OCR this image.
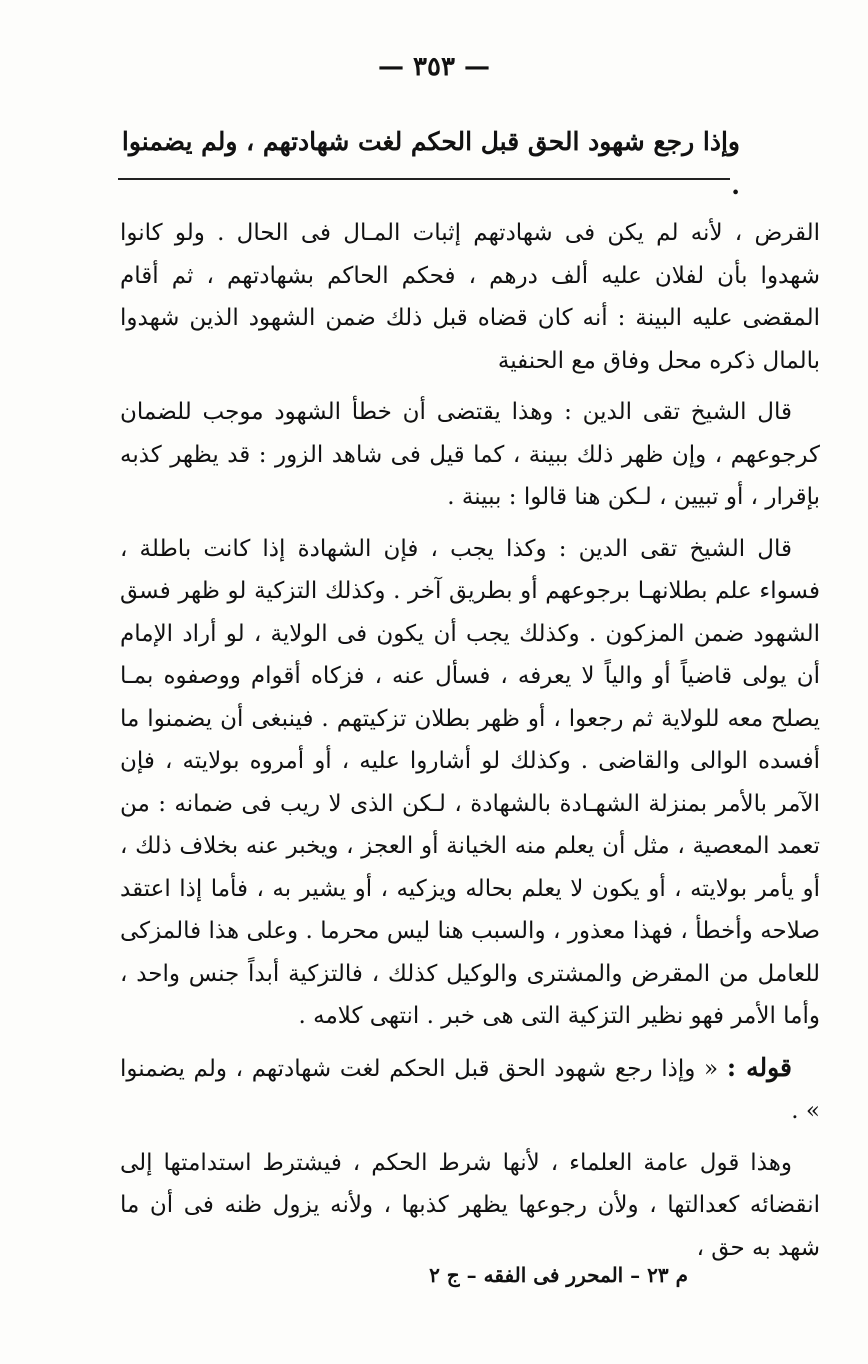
— ٣٥٣ —
وإذا رجع شهود الحق قبل الحكم لغت شهادتهم ، ولم يضمنوا .

القرض ، لأنه لم يكن فى شهادتهم إثبات المـال فى الحال . ولو كانوا شهدوا بأن لفلان عليه ألف درهم ، فحكم الحاكم بشهادتهم ، ثم أقام المقضى عليه البينة : أنه كان قضاه قبل ذلك ضمن الشهود الذين شهدوا بالمال ذكره محل وفاق مع الحنفية

قال الشيخ تقى الدين : وهذا يقتضى أن خطأ الشهود موجب للضمان كرجوعهم ، وإن ظهر ذلك ببينة ، كما قيل فى شاهد الزور : قد يظهر كذبه بإقرار ، أو تبيين ، لـكن هنا قالوا : ببينة .

قال الشيخ تقى الدين : وكذا يجب ، فإن الشهادة إذا كانت باطلة ، فسواء علم بطلانهـا برجوعهم أو بطريق آخر . وكذلك التزكية لو ظهر فسق الشهود ضمن المزكون . وكذلك يجب أن يكون فى الولاية ، لو أراد الإمام أن يولى قاضياً أو والياً لا يعرفه ، فسأل عنه ، فزكاه أقوام ووصفوه بمـا يصلح معه للولاية ثم رجعوا ، أو ظهر بطلان تزكيتهم . فينبغى أن يضمنوا ما أفسده الوالى والقاضى . وكذلك لو أشاروا عليه ، أو أمروه بولايته ، فإن الآمر بالأمر بمنزلة الشهـادة بالشهادة ، لـكن الذى لا ريب فى ضمانه : من تعمد المعصية ، مثل أن يعلم منه الخيانة أو العجز ، ويخبر عنه بخلاف ذلك ، أو يأمر بولايته ، أو يكون لا يعلم بحاله ويزكيه ، أو يشير به ، فأما إذا اعتقد صلاحه وأخطأ ، فهذا معذور ، والسبب هنا ليس محرما . وعلى هذا فالمزكى للعامل من المقرض والمشترى والوكيل كذلك ، فالتزكية أبداً جنس واحد ، وأما الأمر فهو نظير التزكية التى هى خبر . انتهى كلامه .

قوله : « وإذا رجع شهود الحق قبل الحكم لغت شهادتهم ، ولم يضمنوا » .

وهذا قول عامة العلماء ، لأنها شرط الحكم ، فيشترط استدامتها إلى انقضائه كعدالتها ، ولأن رجوعها يظهر كذبها ، ولأنه يزول ظنه فى أن ما شهد به حق ،

م ٢٣ – المحرر فى الفقه – ج ٢
